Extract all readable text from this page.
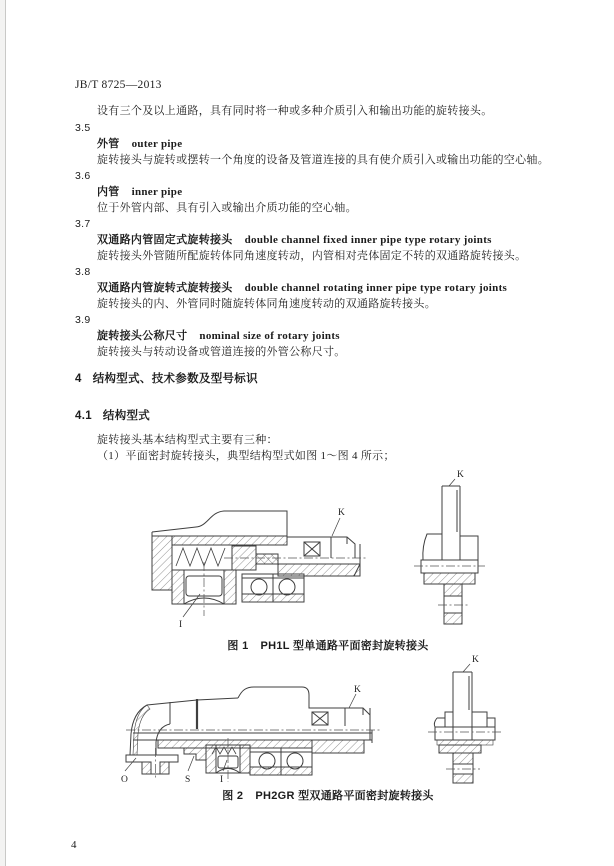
JB/T 8725—2013
设有三个及以上通路，具有同时将一种或多种介质引入和输出功能的旋转接头。
3.5
外管 outer pipe
旋转接头与旋转或摆转一个角度的设备及管道连接的具有使介质引入或输出功能的空心轴。
3.6
内管 inner pipe
位于外管内部、具有引入或输出介质功能的空心轴。
3.7
双通路内管固定式旋转接头 double channel fixed inner pipe type rotary joints
旋转接头外管随所配旋转体同角速度转动，内管相对壳体固定不转的双通路旋转接头。
3.8
双通路内管旋转式旋转接头 double channel rotating inner pipe type rotary joints
旋转接头的内、外管同时随旋转体同角速度转动的双通路旋转接头。
3.9
旋转接头公称尺寸 nominal size of rotary joints
旋转接头与转动设备或管道连接的外管公称尺寸。
4 结构型式、技术参数及型号标识
4.1 结构型式
旋转接头基本结构型式主要有三种：
（1）平面密封旋转接头，典型结构型式如图 1～图 4 所示；
K
I
K
图 1 PH1L 型单通路平面密封旋转接头
O	S	I
K
K
图 2 PH2GR 型双通路平面密封旋转接头
4
